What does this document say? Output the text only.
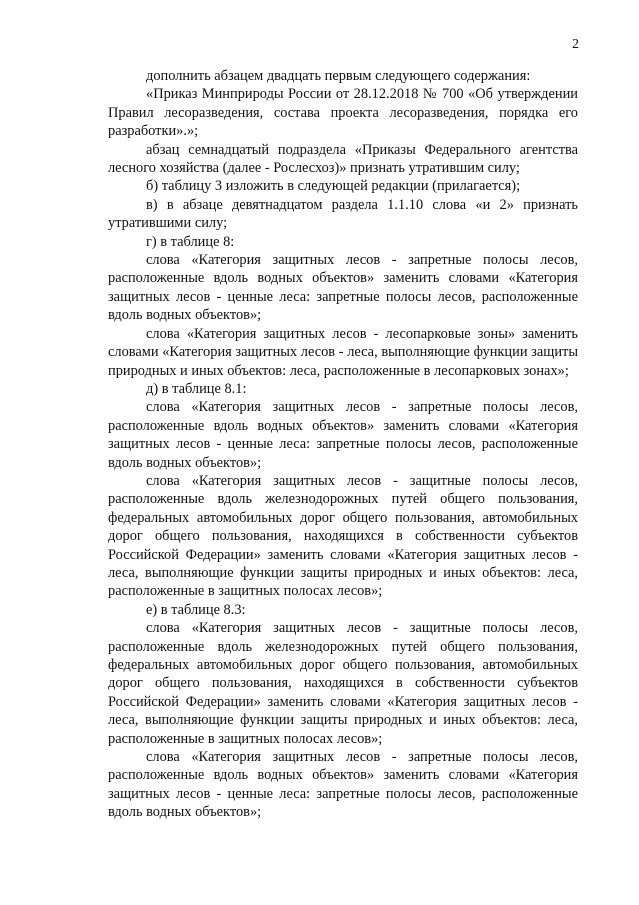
2

дополнить абзацем двадцать первым следующего содержания:

«Приказ Минприроды России от 28.12.2018 № 700 «Об утверждении Правил лесоразведения, состава проекта лесоразведения, порядка его разработки».»;

абзац семнадцатый подраздела «Приказы Федерального агентства лесного хозяйства (далее - Рослесхоз)» признать утратившим силу;

б) таблицу 3 изложить в следующей редакции (прилагается);

в) в абзаце девятнадцатом раздела 1.1.10 слова «и 2» признать утратившими силу;

г) в таблице 8:

слова «Категория защитных лесов - запретные полосы лесов, расположенные вдоль водных объектов» заменить словами «Категория защитных лесов - ценные леса: запретные полосы лесов, расположенные вдоль водных объектов»;

слова «Категория защитных лесов - лесопарковые зоны» заменить словами «Категория защитных лесов - леса, выполняющие функции защиты природных и иных объектов: леса, расположенные в лесопарковых зонах»;

д) в таблице 8.1:

слова «Категория защитных лесов - запретные полосы лесов, расположенные вдоль водных объектов» заменить словами «Категория защитных лесов - ценные леса: запретные полосы лесов, расположенные вдоль водных объектов»;

слова «Категория защитных лесов - защитные полосы лесов, расположенные вдоль железнодорожных путей общего пользования, федеральных автомобильных дорог общего пользования, автомобильных дорог общего пользования, находящихся в собственности субъектов Российской Федерации» заменить словами «Категория защитных лесов - леса, выполняющие функции защиты природных и иных объектов: леса, расположенные в защитных полосах лесов»;

е) в таблице 8.3:

слова «Категория защитных лесов - защитные полосы лесов, расположенные вдоль железнодорожных путей общего пользования, федеральных автомобильных дорог общего пользования, автомобильных дорог общего пользования, находящихся в собственности субъектов Российской Федерации» заменить словами «Категория защитных лесов - леса, выполняющие функции защиты природных и иных объектов: леса, расположенные в защитных полосах лесов»;

слова «Категория защитных лесов - запретные полосы лесов, расположенные вдоль водных объектов» заменить словами «Категория защитных лесов - ценные леса: запретные полосы лесов, расположенные вдоль водных объектов»;
